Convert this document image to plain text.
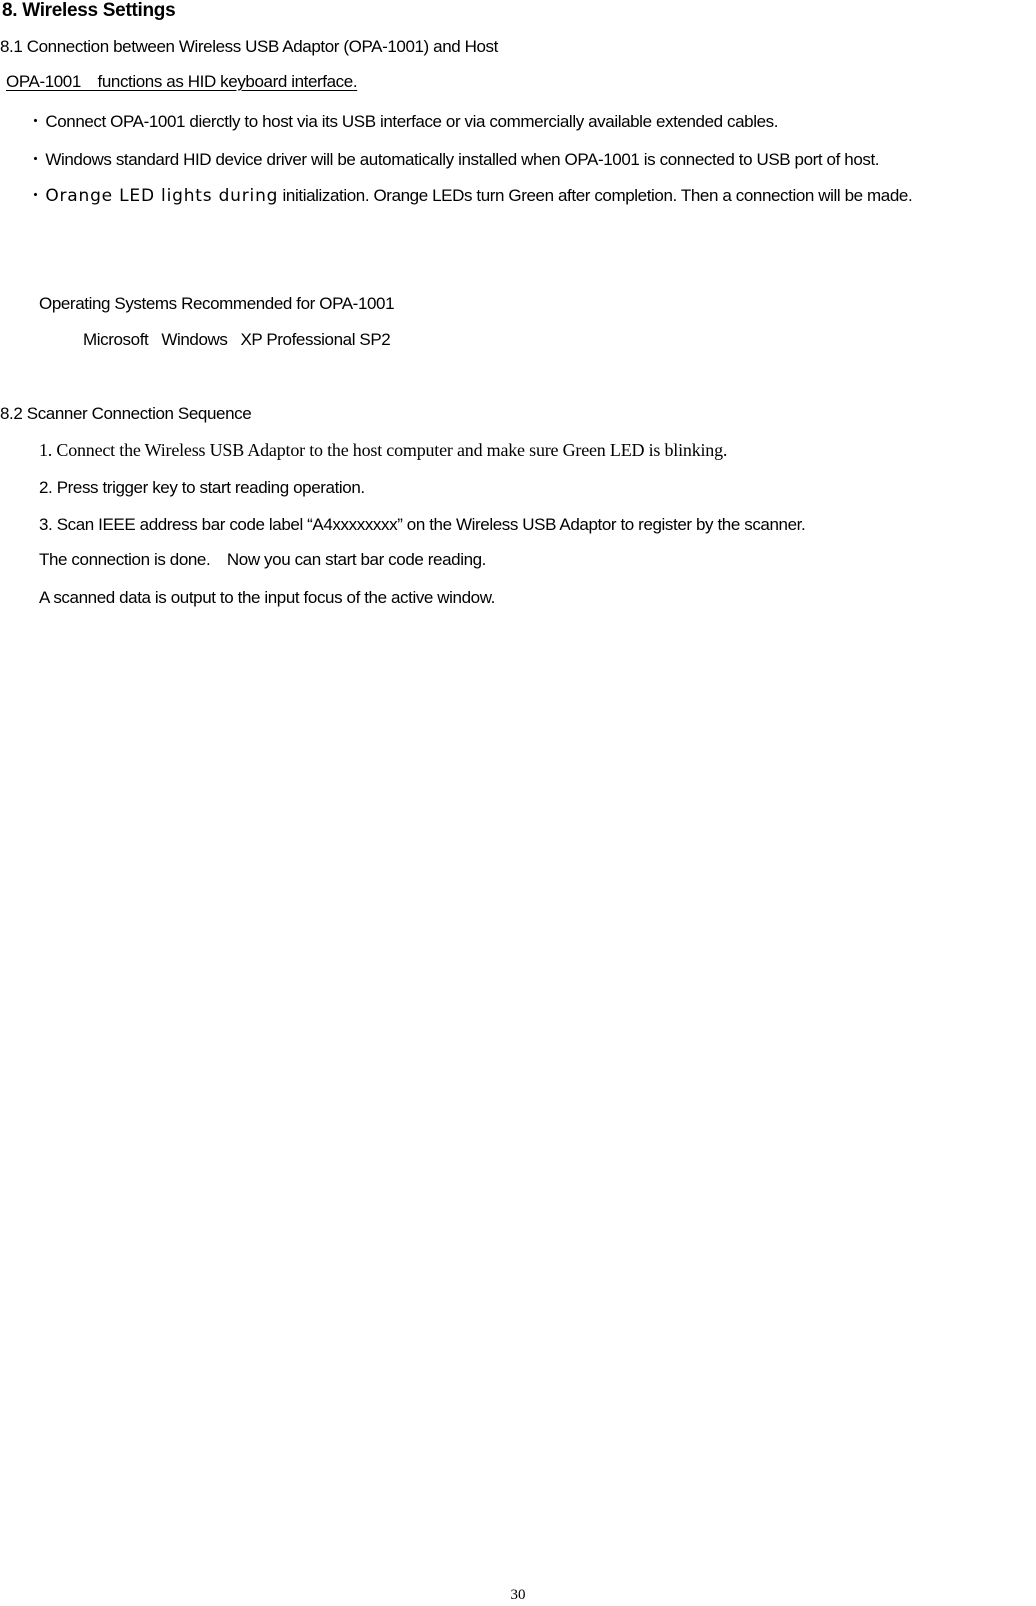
8. Wireless Settings
8.1 Connection between Wireless USB Adaptor (OPA-1001) and Host
OPA-1001　functions as HID keyboard interface.
・ Connect OPA-1001 dierctly to host via its USB interface or via commercially available extended cables.
・ Windows standard HID device driver will be automatically installed when OPA-1001 is connected to USB port of host.
・ Orange LED lights during initialization. Orange LEDs turn Green after completion. Then a connection will be made.
Operating Systems Recommended for OPA-1001
Microsoft   Windows   XP Professional SP2
8.2 Scanner Connection Sequence
1. Connect the Wireless USB Adaptor to the host computer and make sure Green LED is blinking.
2. Press trigger key to start reading operation.
3. Scan IEEE address bar code label “A4xxxxxxxx” on the Wireless USB Adaptor to register by the scanner.
The connection is done.　Now you can start bar code reading.
A scanned data is output to the input focus of the active window.
30
